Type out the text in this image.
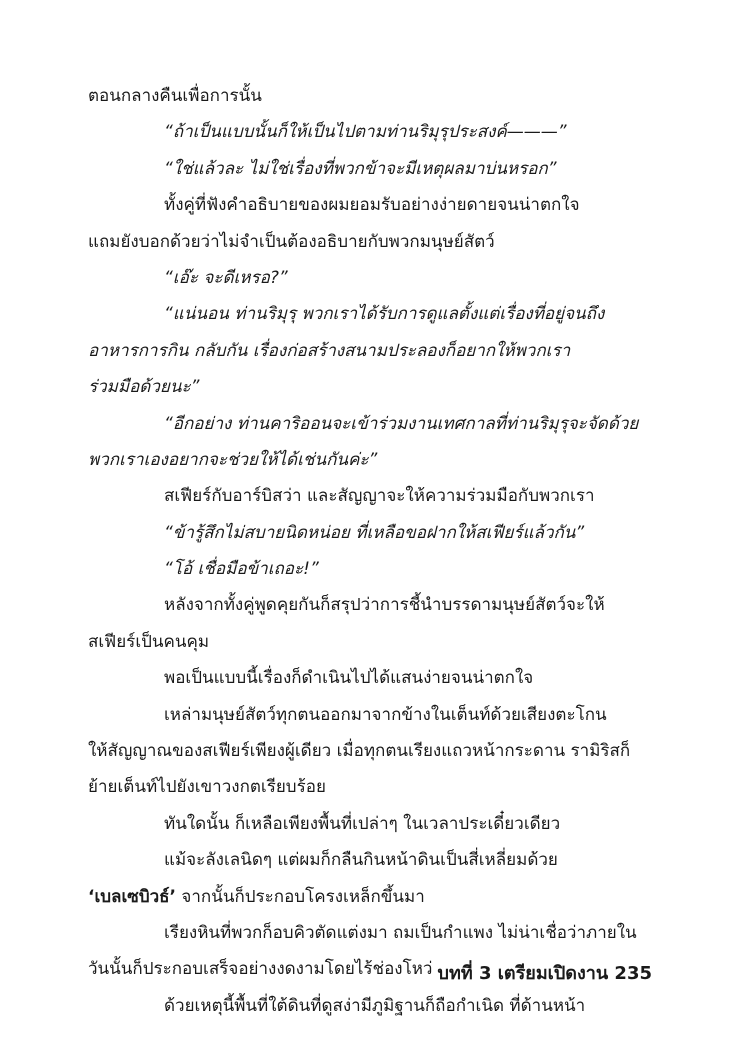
ตอนกลางคืนเพื่อการนั้น
“ถ้าเป็นแบบนั้นก็ให้เป็นไปตามท่านริมุรุประสงค์———”
“ใช่แล้วละ ไม่ใช่เรื่องที่พวกข้าจะมีเหตุผลมาบ่นหรอก”
ทั้งคู่ที่ฟังคำอธิบายของผมยอมรับอย่างง่ายดายจนน่าตกใจ
แถมยังบอกด้วยว่าไม่จำเป็นต้องอธิบายกับพวกมนุษย์สัตว์
“เอ๊ะ จะดีเหรอ?”
“แน่นอน ท่านริมุรุ พวกเราได้รับการดูแลตั้งแต่เรื่องที่อยู่จนถึง
อาหารการกิน กลับกัน เรื่องก่อสร้างสนามประลองก็อยากให้พวกเรา
ร่วมมือด้วยนะ”
“อีกอย่าง ท่านคาริออนจะเข้าร่วมงานเทศกาลที่ท่านริมุรุจะจัดด้วย
พวกเราเองอยากจะช่วยให้ได้เช่นกันค่ะ”
สเฟียร์กับอาร์บิสว่า และสัญญาจะให้ความร่วมมือกับพวกเรา
“ข้ารู้สึกไม่สบายนิดหน่อย ที่เหลือขอฝากให้สเฟียร์แล้วกัน”
“โอ้ เชื่อมือข้าเถอะ!”
หลังจากทั้งคู่พูดคุยกันก็สรุปว่าการชี้นำบรรดามนุษย์สัตว์จะให้
สเฟียร์เป็นคนคุม
พอเป็นแบบนี้เรื่องก็ดำเนินไปได้แสนง่ายจนน่าตกใจ
เหล่ามนุษย์สัตว์ทุกตนออกมาจากข้างในเต็นท์ด้วยเสียงตะโกน
ให้สัญญาณของสเฟียร์เพียงผู้เดียว เมื่อทุกตนเรียงแถวหน้ากระดาน รามิริสก็
ย้ายเต็นท์ไปยังเขาวงกตเรียบร้อย
ทันใดนั้น ก็เหลือเพียงพื้นที่เปล่าๆ ในเวลาประเดี๋ยวเดียว
แม้จะลังเลนิดๆ แต่ผมก็กลืนกินหน้าดินเป็นสี่เหลี่ยมด้วย
‘เบลเซบิวธ์’ จากนั้นก็ประกอบโครงเหล็กขึ้นมา
เรียงหินที่พวกก็อบคิวตัดแต่งมา ถมเป็นกำแพง ไม่น่าเชื่อว่าภายใน
วันนั้นก็ประกอบเสร็จอย่างงดงามโดยไร้ช่องโหว่
ด้วยเหตุนี้พื้นที่ใต้ดินที่ดูสง่ามีภูมิฐานก็ถือกำเนิด ที่ด้านหน้า
บทที่ 3 เตรียมเปิดงาน 235
